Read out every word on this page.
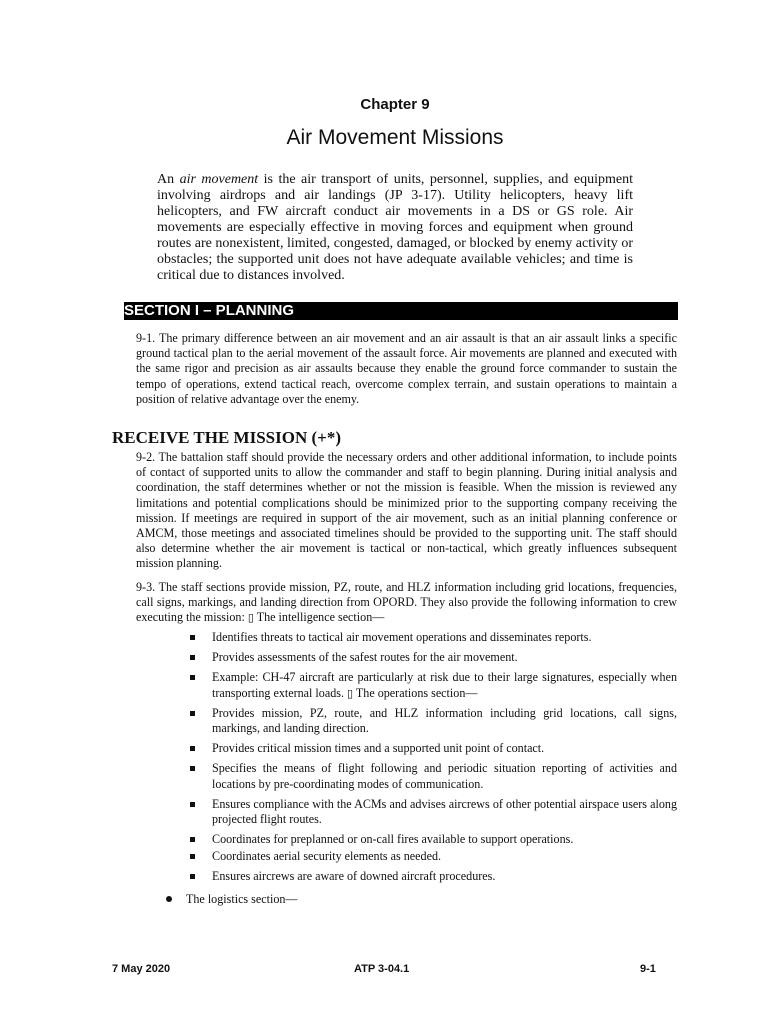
Chapter 9
Air Movement Missions

An air movement is the air transport of units, personnel, supplies, and equipment involving airdrops and air landings (JP 3-17). Utility helicopters, heavy lift helicopters, and FW aircraft conduct air movements in a DS or GS role. Air movements are especially effective in moving forces and equipment when ground routes are nonexistent, limited, congested, damaged, or blocked by enemy activity or obstacles; the supported unit does not have adequate available vehicles; and time is critical due to distances involved.

SECTION I – PLANNING

9-1. The primary difference between an air movement and an air assault is that an air assault links a specific ground tactical plan to the aerial movement of the assault force. Air movements are planned and executed with the same rigor and precision as air assaults because they enable the ground force commander to sustain the tempo of operations, extend tactical reach, overcome complex terrain, and sustain operations to maintain a position of relative advantage over the enemy.

RECEIVE THE MISSION (+*)

9-2. The battalion staff should provide the necessary orders and other additional information, to include points of contact of supported units to allow the commander and staff to begin planning. During initial analysis and coordination, the staff determines whether or not the mission is feasible. When the mission is reviewed any limitations and potential complications should be minimized prior to the supporting company receiving the mission. If meetings are required in support of the air movement, such as an initial planning conference or AMCM, those meetings and associated timelines should be provided to the supporting unit. The staff should also determine whether the air movement is tactical or non-tactical, which greatly influences subsequent mission planning.

9-3. The staff sections provide mission, PZ, route, and HLZ information including grid locations, frequencies, call signs, markings, and landing direction from OPORD. They also provide the following information to crew executing the mission: ▯ The intelligence section—

Identifies threats to tactical air movement operations and disseminates reports.
Provides assessments of the safest routes for the air movement.
Example: CH-47 aircraft are particularly at risk due to their large signatures, especially when transporting external loads. ▯ The operations section—
Provides mission, PZ, route, and HLZ information including grid locations, call signs, markings, and landing direction.
Provides critical mission times and a supported unit point of contact.
Specifies the means of flight following and periodic situation reporting of activities and locations by pre-coordinating modes of communication.
Ensures compliance with the ACMs and advises aircrews of other potential airspace users along projected flight routes.
Coordinates for preplanned or on-call fires available to support operations.
Coordinates aerial security elements as needed.
Ensures aircrews are aware of downed aircraft procedures.
The logistics section—
7 May 2020	ATP 3-04.1	9-1
